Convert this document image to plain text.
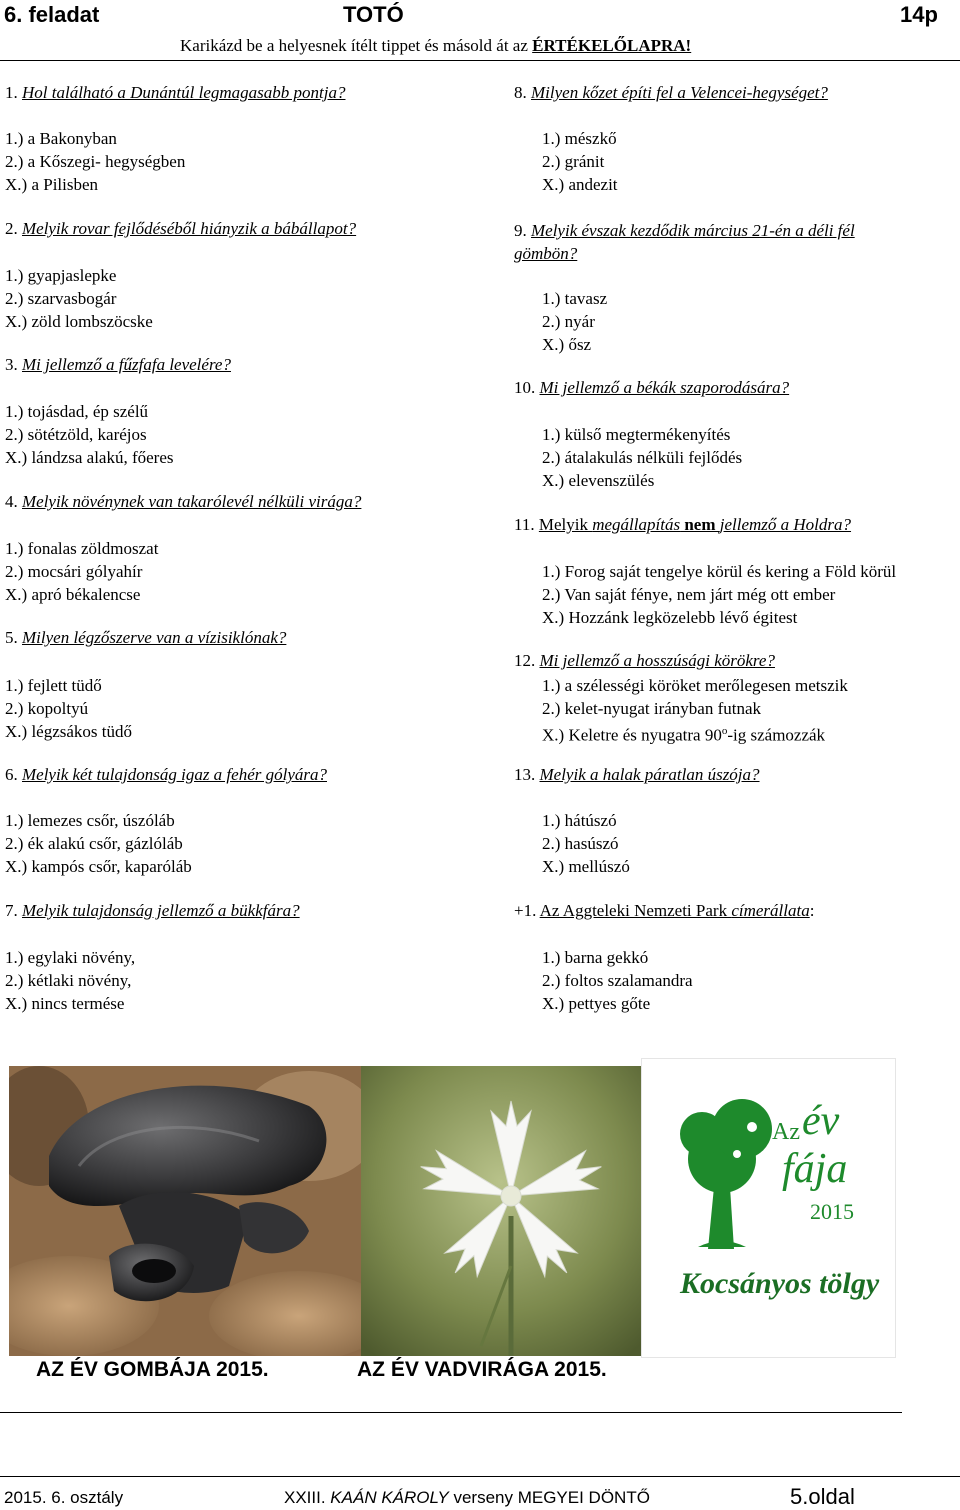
6. feladat	TOTÓ	14p
Karikázd be a helyesnek ítélt tippet és másold át az ÉRTÉKELŐLAPRA!
1. Hol található a Dunántúl legmagasabb pontja?
1.) a Bakonyban
2.) a Kőszegi- hegységben
X.) a Pilisben
2. Melyik rovar fejlődéséből hiányzik a bábállapot?
1.) gyapjaslepke
2.) szarvasbogár
X.) zöld lombszöcske
3. Mi jellemző a fűzfafa levelére?
1.) tojásdad, ép szélű
2.) sötétzöld, karéjos
X.) lándzsa alakú, főeres
4. Melyik növénynek van takarólevél nélküli virága?
1.) fonalas zöldmoszat
2.) mocsári gólyahír
X.) apró békalencse
5. Milyen légzőszerve van a vízisiklónak?
1.) fejlett tüdő
2.) kopoltyú
X.) légzsákos tüdő
6. Melyik két tulajdonság igaz a fehér gólyára?
1.) lemezes csőr, úszóláb
2.) ék alakú csőr, gázlóláb
X.) kampós csőr, kaparóláb
7. Melyik tulajdonság jellemző a bükkfára?
1.) egylaki növény,
2.) kétlaki növény,
X.) nincs termése
8. Milyen kőzet építi fel a Velencei-hegységet?
1.) mészkő
2.) gránit
X.) andezit
9. Melyik évszak kezdődik március 21-én a déli fél
gömbön?
1.) tavasz
2.) nyár
X.) ősz
10. Mi jellemző a békák szaporodására?
1.) külső megtermékenyítés
2.) átalakulás nélküli fejlődés
X.) elevenszülés
11. Melyik megállapítás nem jellemző a Holdra?
1.) Forog saját tengelye körül és kering a Föld körül
2.) Van saját fénye, nem járt még ott ember
X.) Hozzánk legközelebb lévő égitest
12. Mi jellemző a hosszúsági körökre?
1.) a szélességi köröket merőlegesen metszik
2.) kelet-nyugat irányban futnak
X.) Keletre és nyugatra 90$^o$-ig számozzák
13. Melyik a halak páratlan úszója?
1.) hátúszó
2.) hasúszó
X.) mellúszó
+1. Az Aggteleki Nemzeti Park címerállata:
1.) barna gekkó
2.) foltos szalamandra
X.) pettyes gőte
Az év
fája
2015
Kocsányos tölgy
AZ ÉV GOMBÁJA 2015.	AZ ÉV VADVIRÁGA 2015.
2015. 6. osztály	XXIII. KAÁN KÁROLY verseny MEGYEI DÖNTŐ	5.oldal
